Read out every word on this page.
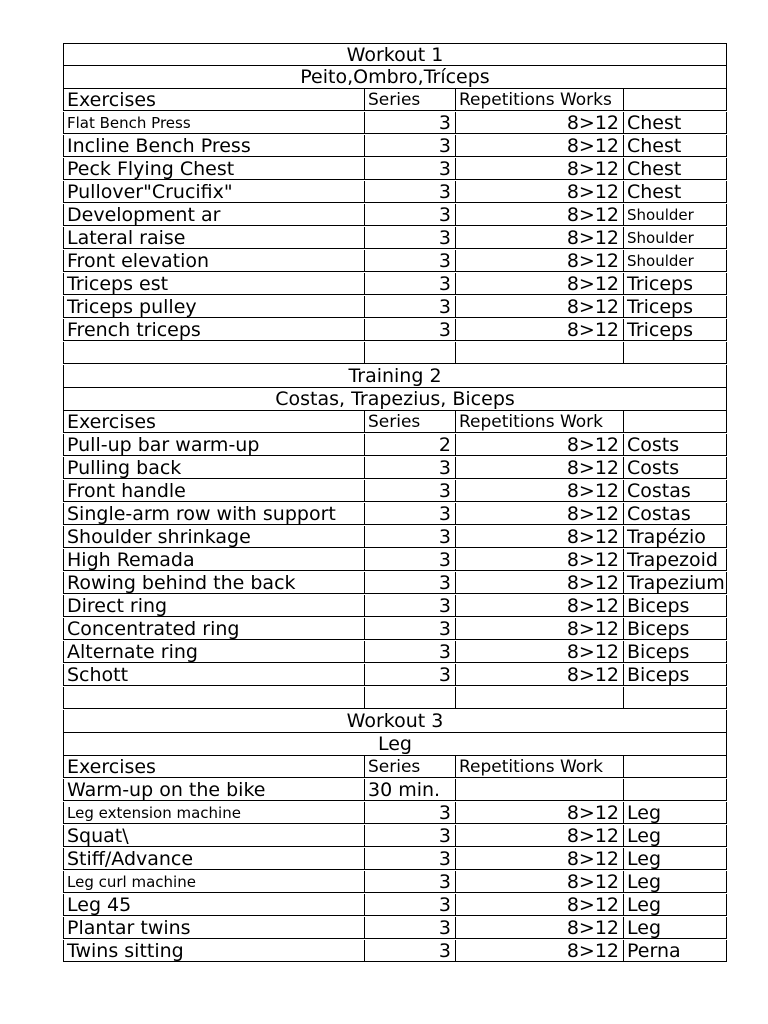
Workout 1
Peito,Ombro,Tríceps
Exercises	Series	Repetitions Works
Flat Bench Press	3	8>12 Chest
Incline Bench Press	3	8>12 Chest
Peck Flying Chest	3	8>12 Chest
Pullover"Crucifix"	3	8>12 Chest
Development ar	3	8>12 Shoulder
Lateral raise	3	8>12 Shoulder
Front elevation	3	8>12 Shoulder
Triceps est	3	8>12 Triceps
Triceps pulley	3	8>12 Triceps
French triceps	3	8>12 Triceps
Training 2
Costas, Trapezius, Biceps
Exercises	Series	Repetitions Work
Pull-up bar warm-up	2	8>12 Costs
Pulling back	3	8>12 Costs
Front handle	3	8>12 Costas
Single-arm row with support	3	8>12 Costas
Shoulder shrinkage	3	8>12 Trapézio
High Remada	3	8>12 Trapezoid
Rowing behind the back	3	8>12 Trapezium
Direct ring	3	8>12 Biceps
Concentrated ring	3	8>12 Biceps
Alternate ring	3	8>12 Biceps
Schott	3	8>12 Biceps
Workout 3
Leg
Exercises	Series	Repetitions Work
Warm-up on the bike	30 min.
Leg extension machine	3	8>12 Leg
Squat\	3	8>12 Leg
Stiff/Advance	3	8>12 Leg
Leg curl machine	3	8>12 Leg
Leg 45	3	8>12 Leg
Plantar twins	3	8>12 Leg
Twins sitting	3	8>12 Perna
